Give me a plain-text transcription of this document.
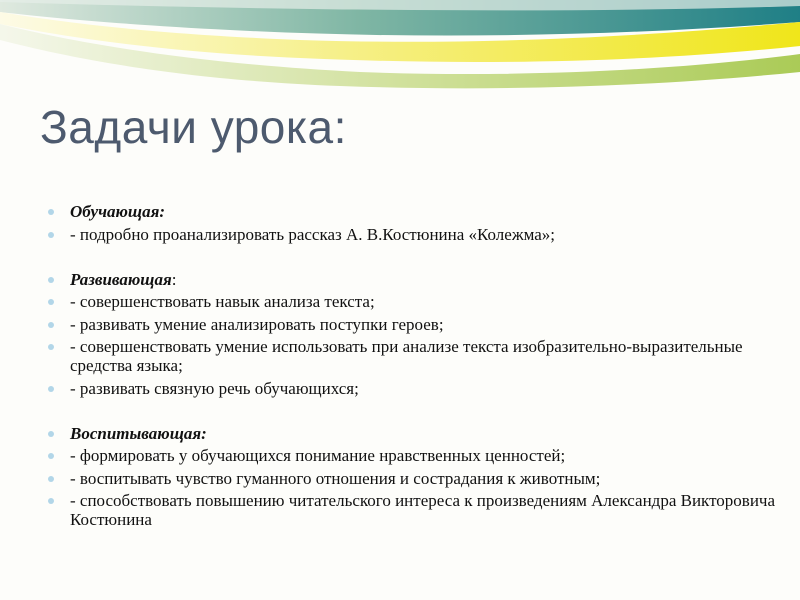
Задачи урока:
Обучающая:
- подробно проанализировать рассказ А. В.Костюнина «Колежма»;
Развивающая:
- совершенствовать навык анализа текста;
- развивать умение анализировать поступки героев;
- совершенствовать умение использовать при анализе текста изобразительно-выразительные средства языка;
- развивать связную речь обучающихся;
Воспитывающая:
- формировать у обучающихся понимание нравственных ценностей;
- воспитывать чувство гуманного отношения и сострадания к животным;
- способствовать повышению читательского интереса к произведениям Александра Викторовича Костюнина
